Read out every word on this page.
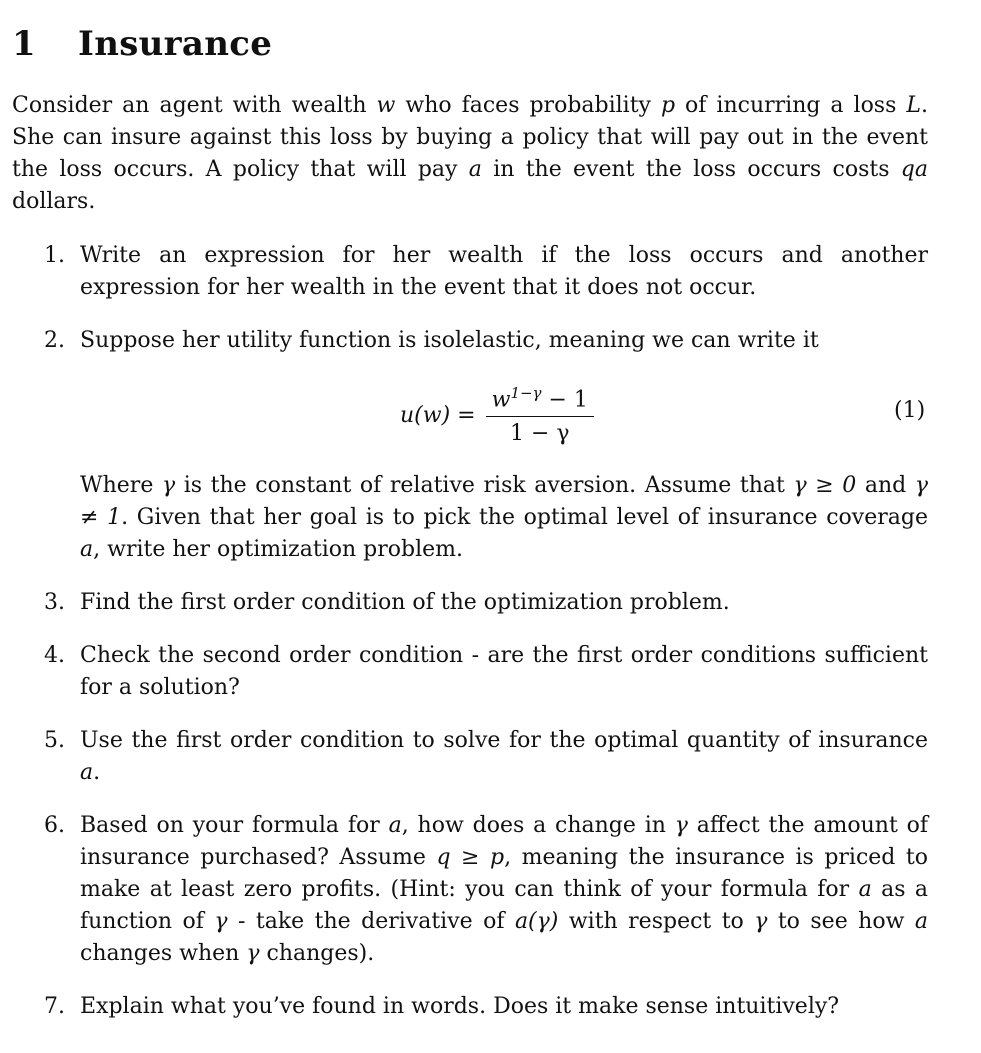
1 Insurance
Consider an agent with wealth w who faces probability p of incurring a loss L. She can insure against this loss by buying a policy that will pay out in the event the loss occurs. A policy that will pay a in the event the loss occurs costs qa dollars.
1. Write an expression for her wealth if the loss occurs and another expression for her wealth in the event that it does not occur.
2. Suppose her utility function is isolelastic, meaning we can write it
$u(w) = \frac{w^{1-\gamma} - 1}{1 - \gamma}$	(1)
Where γ is the constant of relative risk aversion. Assume that γ ≥ 0 and γ ≠ 1. Given that her goal is to pick the optimal level of insurance coverage a, write her optimization problem.
3. Find the first order condition of the optimization problem.
4. Check the second order condition - are the first order conditions sufficient for a solution?
5. Use the first order condition to solve for the optimal quantity of insurance a.
6. Based on your formula for a, how does a change in γ affect the amount of insurance purchased? Assume q ≥ p, meaning the insurance is priced to make at least zero profits. (Hint: you can think of your formula for a as a function of γ - take the derivative of a(γ) with respect to γ to see how a changes when γ changes).
7. Explain what you’ve found in words. Does it make sense intuitively?
